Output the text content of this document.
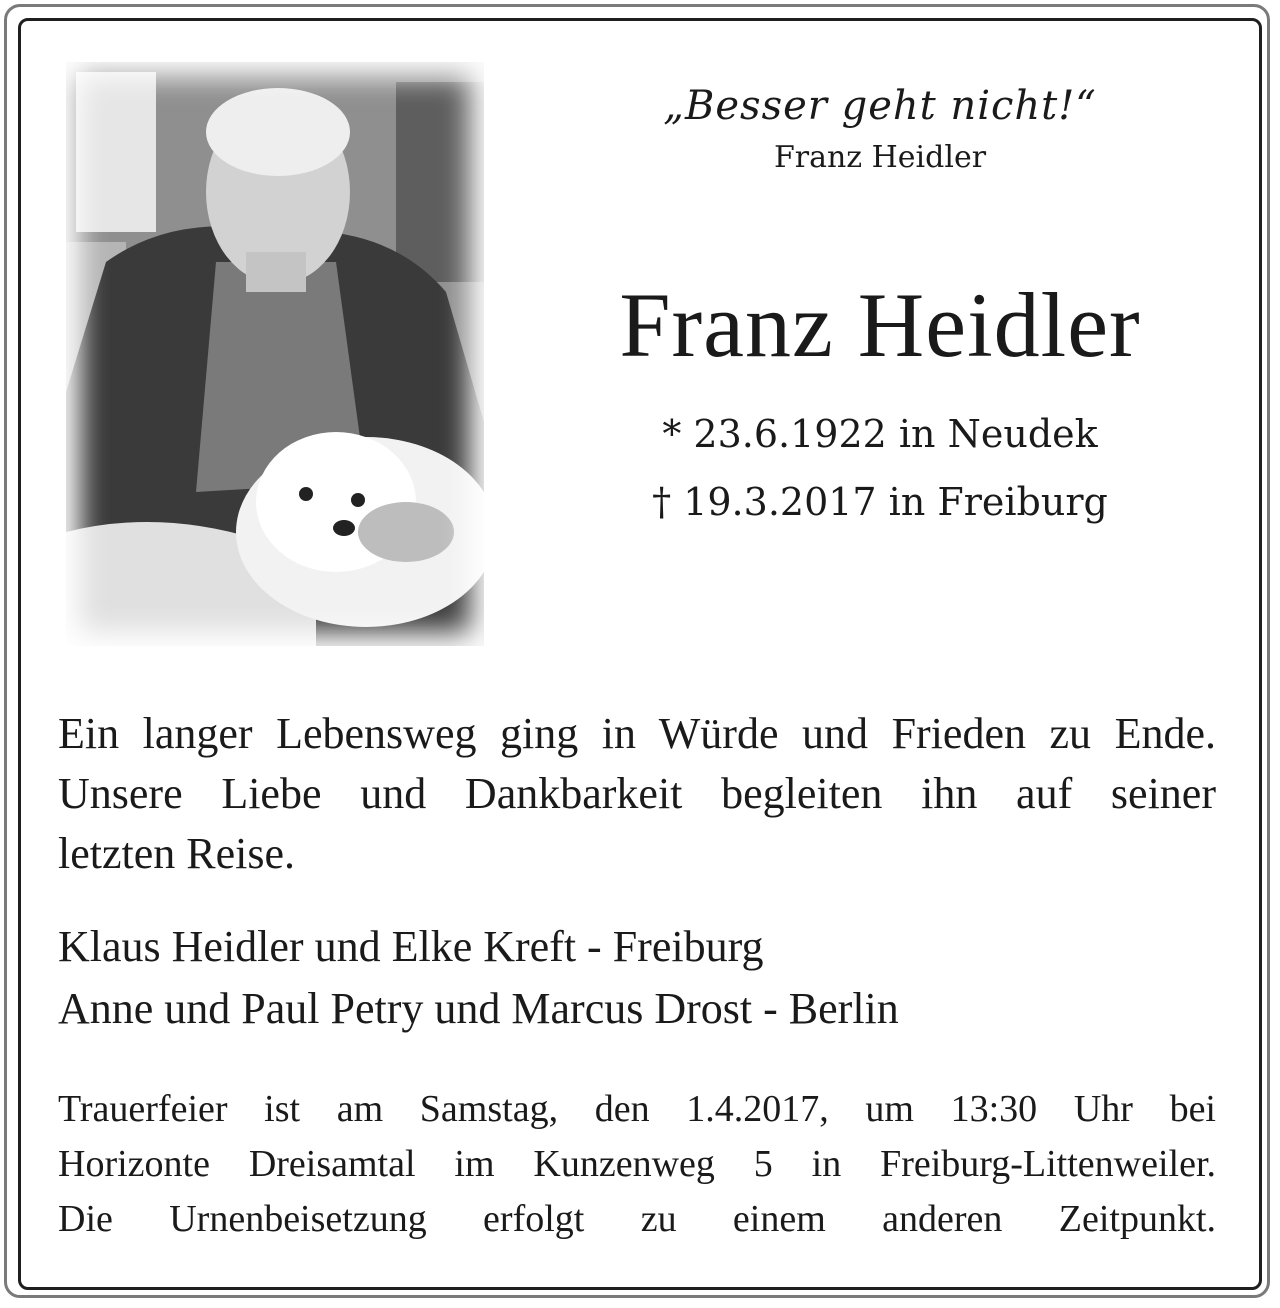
„Besser geht nicht!“
Franz Heidler
Franz Heidler
* 23.6.1922 in Neudek
† 19.3.2017 in Freiburg
Ein langer Lebensweg ging in Würde und Frieden zu Ende.
Unsere Liebe und Dankbarkeit begleiten ihn auf seiner
letzten Reise.
Klaus Heidler und Elke Kreft - Freiburg
Anne und Paul Petry und Marcus Drost - Berlin
Trauerfeier ist am Samstag, den 1.4.2017, um 13:30 Uhr bei
Horizonte Dreisamtal im Kunzenweg 5 in Freiburg-Littenweiler.
Die Urnenbeisetzung erfolgt zu einem anderen Zeitpunkt.
